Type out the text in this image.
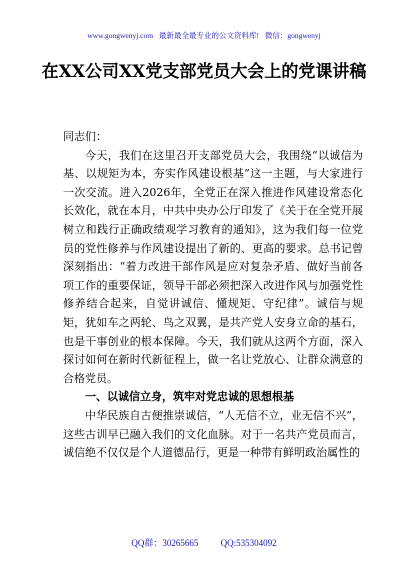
www.gongwenyj.com 最新最全最专业的公文资料库! 微信：gongwenyj
在XX公司XX党支部党员大会上的党课讲稿

同志们：

今天，我们在这里召开支部党员大会，我围绕“以诚信为基、以规矩为本，夯实作风建设根基”这一主题，与大家进行一次交流。进入2026年，全党正在深入推进作风建设常态化长效化，就在本月，中共中央办公厅印发了《关于在全党开展树立和践行正确政绩观学习教育的通知》，这为我们每一位党员的党性修养与作风建设提出了新的、更高的要求。总书记曾深刻指出：“着力改进干部作风是应对复杂矛盾、做好当前各项工作的重要保证，领导干部必须把深入改进作风与加强党性修养结合起来，自觉讲诚信、懂规矩、守纪律”。诚信与规矩，犹如车之两轮、鸟之双翼，是共产党人安身立命的基石，也是干事创业的根本保障。今天，我们就从这两个方面，深入探讨如何在新时代新征程上，做一名让党放心、让群众满意的合格党员。

一、以诚信立身，筑牢对党忠诚的思想根基

中华民族自古便推崇诚信，“人无信不立，业无信不兴”，这些古训早已融入我们的文化血脉。对于一名共产党员而言，诚信绝不仅仅是个人道德品行，更是一种带有鲜明政治属性的

QQ群：30265665 QQ:535304092
